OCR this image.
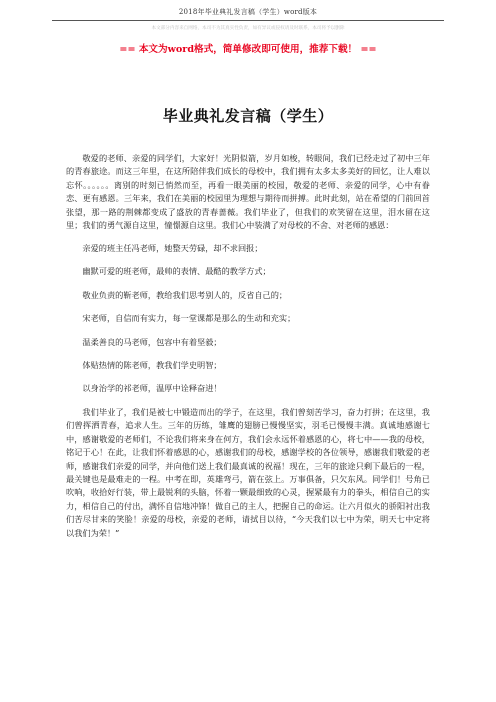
2018年毕业典礼发言稿（学生）word版本
本文部分内容来自网络，本司不为其真实性负责，如有异议或侵权请及时联系，本司将予以删除
== 本文为word格式，简单修改即可使用，推荐下载！ ==
毕业典礼发言稿（学生）

敬爱的老师、亲爱的同学们，大家好！光阴似箭，岁月如梭，转眼间，我们已经走过了初中三年的青春旅途。而这三年里，在这所陪伴我们成长的母校中，我们拥有太多太多美好的回忆，让人难以忘怀。。。。。。离别的时刻已悄然而至，再看一眼美丽的校园，敬爱的老师、亲爱的同学，心中有眷恋、更有感恩。三年来，我们在美丽的校园里为理想与期待而拼搏。此时此刻，站在希望的门前回首张望，那一路的荆棘都变成了盛放的青春蔷薇。我们毕业了，但我们的欢笑留在这里，泪水留在这里；我们的勇气源自这里，憧憬源自这里。我们心中装满了对母校的不舍、对老师的感恩：

亲爱的班主任冯老师，她整天劳碌，却不求回报；

幽默可爱的班老师，最帅的表情、最酷的教学方式；

敬业负责的靳老师，教给我们思考别人的，反省自己的；

宋老师，自信而有实力，每一堂课都是那么的生动和充实；

温柔善良的马老师，包容中有着坚毅；

体贴热情的陈老师，教我们学史明智；

以身治学的祁老师，温厚中诠释奋进！

我们毕业了，我们是被七中锻造而出的学子，在这里，我们曾刻苦学习，奋力打拼；在这里，我们曾挥洒青春，追求人生。三年的历练，雏鹰的翅膀已慢慢坚实，羽毛已慢慢丰满。真诚地感谢七中，感谢敬爱的老师们，不论我们将来身在何方，我们会永远怀着感恩的心，将七中——我的母校，铭记于心！在此，让我们怀着感恩的心，感谢我们的母校，感谢学校的各位领导，感谢我们敬爱的老师，感谢我们亲爱的同学，并向他们送上我们最真诚的祝福！现在，三年的旅途只剩下最后的一程，最关键也是最难走的一程。中考在即，英雄弯弓，箭在弦上。万事俱备，只欠东风。同学们！号角已吹响，收拾好行装，带上最锐利的头脑，怀着一颗最细致的心灵，握紧最有力的拳头，相信自己的实力，相信自己的付出，满怀自信地冲锋！做自己的主人，把握自己的命运。让六月似火的骄阳衬出我们苦尽甘来的笑脸！亲爱的母校，亲爱的老师，请拭目以待，“今天我们以七中为荣，明天七中定将以我们为荣！”
